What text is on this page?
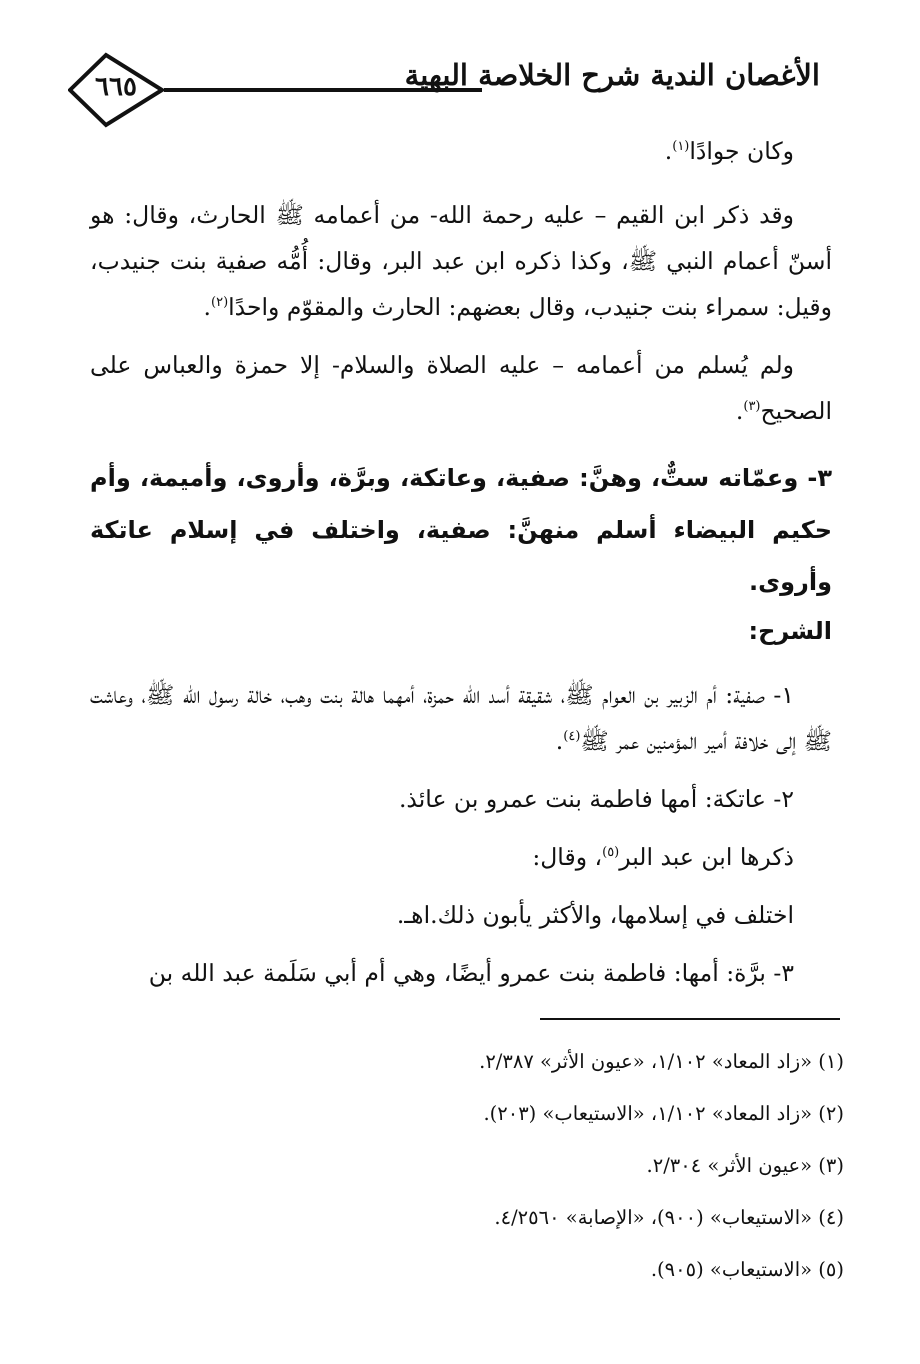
٦٦٥	الأغصان الندية شرح الخلاصة البهية

وكان جوادًا$^{(١)}$.

وقد ذكر ابن القيم – عليه رحمة الله- من أعمامه ﷺ الحارث، وقال: هو أسنّ أعمام النبي ﷺ، وكذا ذكره ابن عبد البر، وقال: أُمُّه صفية بنت جنيدب، وقيل: سمراء بنت جنيدب، وقال بعضهم: الحارث والمقوّم واحدًا$^{(٢)}$.

ولم يُسلم من أعمامه – عليه الصلاة والسلام- إلا حمزة والعباس على الصحيح$^{(٣)}$.

٣- وعمّاته ستٌّ، وهنَّ: صفية، وعاتكة، وبرَّة، وأروى، وأميمة، وأم حكيم البيضاء أسلم منهنَّ: صفية، واختلف في إسلام عاتكة وأروى.

الشرح:

١- صفية: أم الزبير بن العوام ﷺ، شقيقة أسد الله حمزة، أمهما هالة بنت وهب، خالة رسول الله ﷺ، وعاشت ﷺ إلى خلافة أمير المؤمنين عمر ﷺ$^{(٤)}$.

٢- عاتكة: أمها فاطمة بنت عمرو بن عائذ.

ذكرها ابن عبد البر$^{(٥)}$، وقال:

اختلف في إسلامها، والأكثر يأبون ذلك.اهـ.

٣- برَّة: أمها: فاطمة بنت عمرو أيضًا، وهي أم أبي سَلَمة عبد الله بن

(١) «زاد المعاد» ١/١٠٢، «عيون الأثر» ٢/٣٨٧.

(٢) «زاد المعاد» ١/١٠٢، «الاستيعاب» (٢٠٣).

(٣) «عيون الأثر» ٢/٣٠٤.

(٤) «الاستيعاب» (٩٠٠)، «الإصابة» ٤/٢٥٦٠.

(٥) «الاستيعاب» (٩٠٥).
